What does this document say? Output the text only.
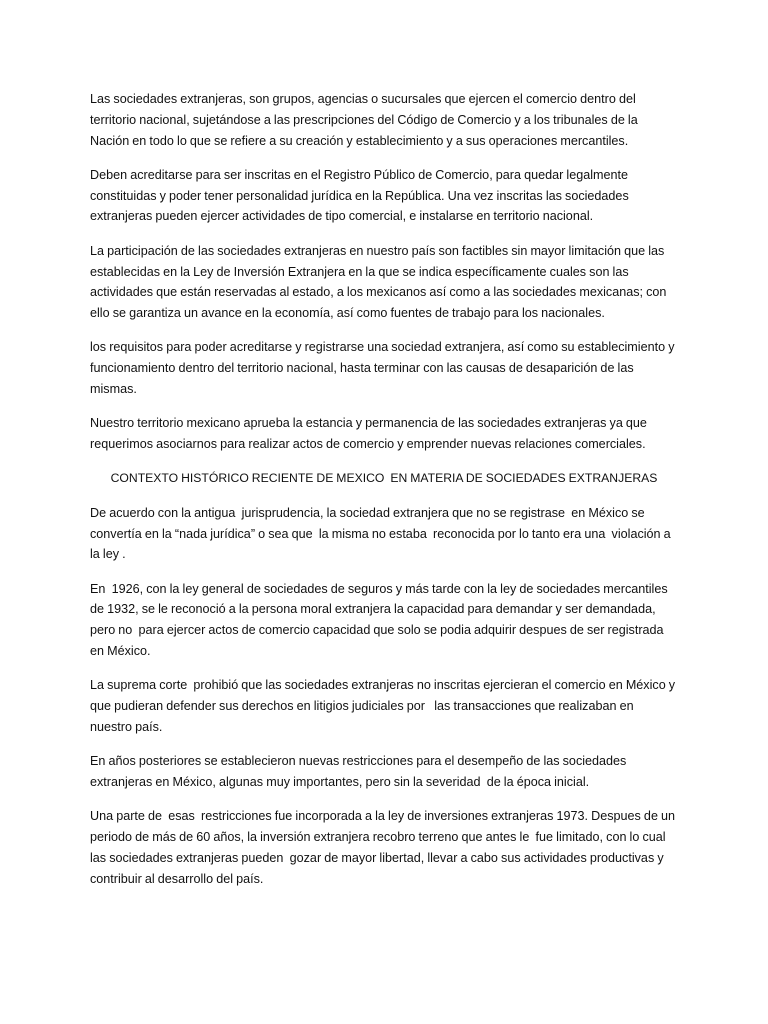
Las sociedades extranjeras, son grupos, agencias o sucursales que ejercen el comercio dentro del territorio nacional, sujetándose a las prescripciones del Código de Comercio y a los tribunales de la Nación en todo lo que se refiere a su creación y establecimiento y a sus operaciones mercantiles.

Deben acreditarse para ser inscritas en el Registro Público de Comercio, para quedar legalmente constituidas y poder tener personalidad jurídica en la República. Una vez inscritas las sociedades extranjeras pueden ejercer actividades de tipo comercial, e instalarse en territorio nacional.

La participación de las sociedades extranjeras en nuestro país son factibles sin mayor limitación que las establecidas en la Ley de Inversión Extranjera en la que se indica específicamente cuales son las actividades que están reservadas al estado, a los mexicanos así como a las sociedades mexicanas; con ello se garantiza un avance en la economía, así como fuentes de trabajo para los nacionales.

los requisitos para poder acreditarse y registrarse una sociedad extranjera, así como su establecimiento y funcionamiento dentro del territorio nacional, hasta terminar con las causas de desaparición de las mismas.

Nuestro territorio mexicano aprueba la estancia y permanencia de las sociedades extranjeras ya que requerimos asociarnos para realizar actos de comercio y emprender nuevas relaciones comerciales.

CONTEXTO HISTÓRICO RECIENTE DE MEXICO  EN MATERIA DE SOCIEDADES EXTRANJERAS

De acuerdo con la antigua  jurisprudencia, la sociedad extranjera que no se registrase  en México se convertía en la “nada jurídica” o sea que  la misma no estaba  reconocida por lo tanto era una  violación a la ley .

En  1926, con la ley general de sociedades de seguros y más tarde con la ley de sociedades mercantiles de 1932, se le reconoció a la persona moral extranjera la capacidad para demandar y ser demandada, pero no  para ejercer actos de comercio capacidad que solo se podia adquirir despues de ser registrada en México.

La suprema corte  prohibió que las sociedades extranjeras no inscritas ejercieran el comercio en México y que pudieran defender sus derechos en litigios judiciales por   las transacciones que realizaban en nuestro país.

En años posteriores se establecieron nuevas restricciones para el desempeño de las sociedades extranjeras en México, algunas muy importantes, pero sin la severidad  de la época inicial.

Una parte de  esas  restricciones fue incorporada a la ley de inversiones extranjeras 1973. Despues de un periodo de más de 60 años, la inversión extranjera recobro terreno que antes le  fue limitado, con lo cual las sociedades extranjeras pueden  gozar de mayor libertad, llevar a cabo sus actividades productivas y contribuir al desarrollo del país.
